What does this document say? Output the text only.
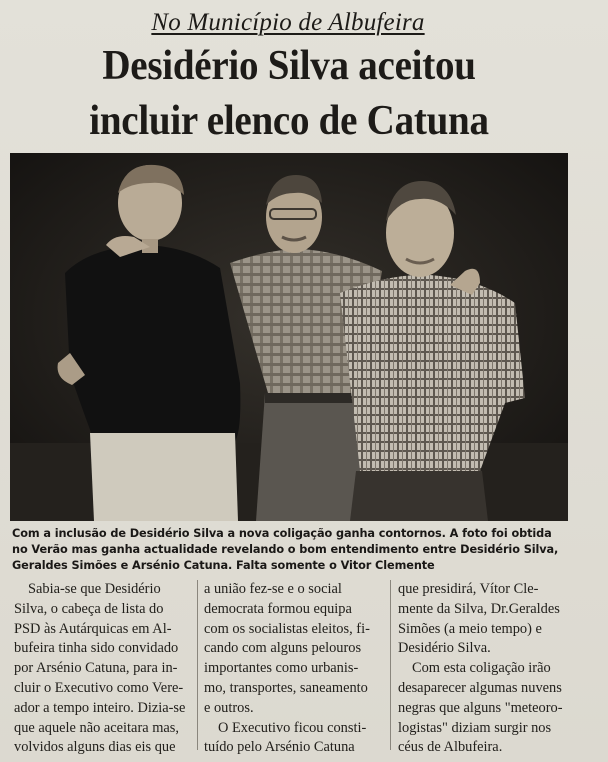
No Município de Albufeira
Desidério Silva aceitou
incluir elenco de Catuna
Com a inclusão de Desidério Silva a nova coligação ganha contornos. A foto foi obtida
no Verão mas ganha actualidade revelando o bom entendimento entre Desidério Silva,
Geraldes Simões e Arsénio Catuna. Falta somente o Vitor Clemente
Sabia-se que Desidério
Silva, o cabeça de lista do
PSD às Autárquicas em Al-
bufeira tinha sido convidado
por Arsénio Catuna, para in-
cluir o Executivo como Vere-
ador a tempo inteiro. Dizia-se
que aquele não aceitara mas,
volvidos alguns dias eis que
a união fez-se e o social
democrata formou equipa
com os socialistas eleitos, fi-
cando com alguns pelouros
importantes como urbanis-
mo, transportes, saneamento
e outros.
O Executivo ficou consti-
tuído pelo Arsénio Catuna
que presidirá, Vítor Cle-
mente da Silva, Dr.Geraldes
Simões (a meio tempo) e
Desidério Silva.
Com esta coligação irão
desaparecer algumas nuvens
negras que alguns "meteoro-
logistas" diziam surgir nos
céus de Albufeira.
